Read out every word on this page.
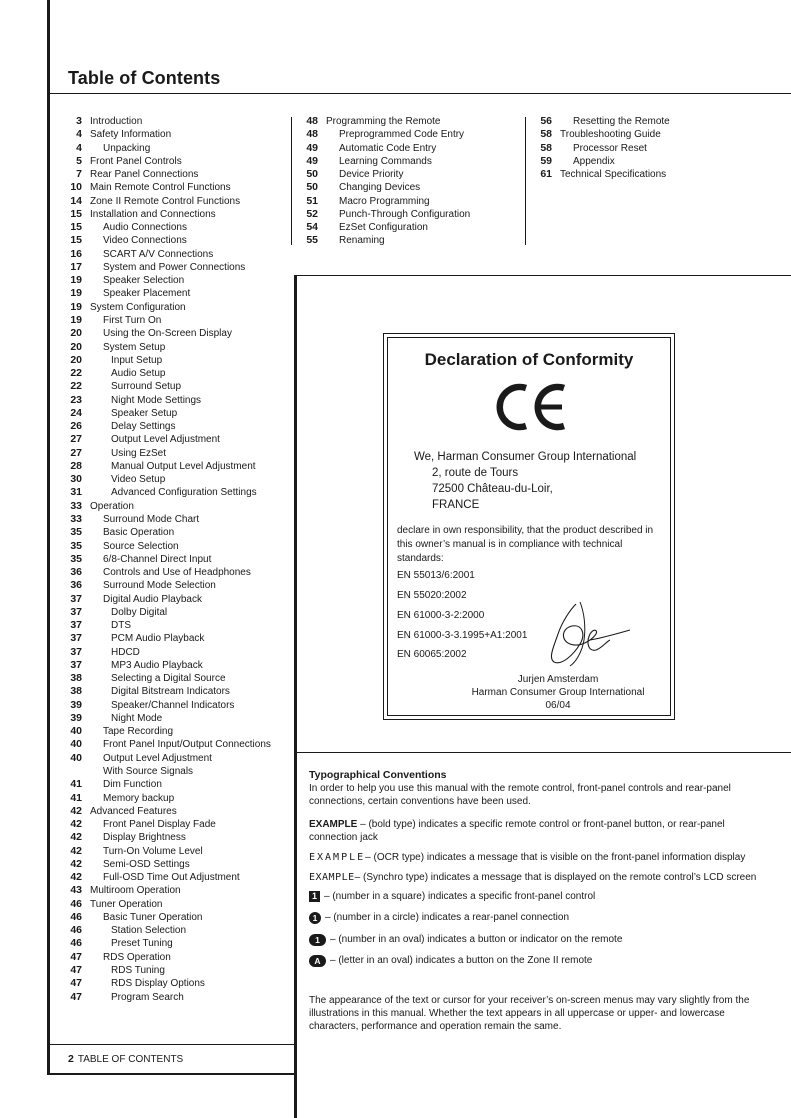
Table of Contents
3 Introduction
4 Safety Information
4	Unpacking
5 Front Panel Controls
7 Rear Panel Connections
10 Main Remote Control Functions
14 Zone II Remote Control Functions
15 Installation and Connections
15	Audio Connections
15	Video Connections
16	SCART A/V Connections
17	System and Power Connections
19	Speaker Selection
19	Speaker Placement
19 System Configuration
19	First Turn On
20	Using the On-Screen Display
20	System Setup
20	Input Setup
22	Audio Setup
22	Surround Setup
23	Night Mode Settings
24	Speaker Setup
26	Delay Settings
27	Output Level Adjustment
27	Using EzSet
28	Manual Output Level Adjustment
30	Video Setup
31	Advanced Configuration Settings
33 Operation
33	Surround Mode Chart
35	Basic Operation
35	Source Selection
35	6/8-Channel Direct Input
36	Controls and Use of Headphones
36	Surround Mode Selection
37	Digital Audio Playback
37	Dolby Digital
37	DTS
37	PCM Audio Playback
37	HDCD
37	MP3 Audio Playback
38	Selecting a Digital Source
38	Digital Bitstream Indicators
39	Speaker/Channel Indicators
39	Night Mode
40	Tape Recording
40	Front Panel Input/Output Connections
40	Output Level Adjustment
With Source Signals
41	Dim Function
41	Memory backup
42 Advanced Features
42	Front Panel Display Fade
42	Display Brightness
42	Turn-On Volume Level
42	Semi-OSD Settings
42	Full-OSD Time Out Adjustment
43 Multiroom Operation
46 Tuner Operation
46	Basic Tuner Operation
46	Station Selection
46	Preset Tuning
47	RDS Operation
47	RDS Tuning
47	RDS Display Options
47	Program Search
48 Programming the Remote
48	Preprogrammed Code Entry
49	Automatic Code Entry
49	Learning Commands
50	Device Priority
50	Changing Devices
51	Macro Programming
52	Punch-Through Configuration
54	EzSet Configuration
55	Renaming
56	Resetting the Remote
58 Troubleshooting Guide
58	Processor Reset
59	Appendix
61 Technical Specifications
Declaration of Conformity
We, Harman Consumer Group International
2, route de Tours
72500 Château-du-Loir,
FRANCE
declare in own responsibility, that the product described in this owner’s manual is in compliance with technical standards:
EN 55013/6:2001
EN 55020:2002
EN 61000-3-2:2000
EN 61000-3-3.1995+A1:2001
EN 60065:2002
Jurjen Amsterdam
Harman Consumer Group International
06/04

Typographical Conventions

In order to help you use this manual with the remote control, front-panel controls and rear-panel connections, certain conventions have been used.

EXAMPLE – (bold type) indicates a specific remote control or front-panel button, or rear-panel connection jack
EXAMPLE – (OCR type) indicates a message that is visible on the front-panel information display
EXAMPLE – (Synchro type) indicates a message that is displayed on the remote control’s LCD screen
1 – (number in a square) indicates a specific front-panel control
1 – (number in a circle) indicates a rear-panel connection
1	– (number in an oval) indicates a button or indicator on the remote
A – (letter in an oval) indicates a button on the Zone II remote
The appearance of the text or cursor for your receiver’s on-screen menus may vary slightly from the illustrations in this manual. Whether the text appears in all uppercase or upper- and lowercase characters, performance and operation remain the same.
2 TABLE OF CONTENTS
